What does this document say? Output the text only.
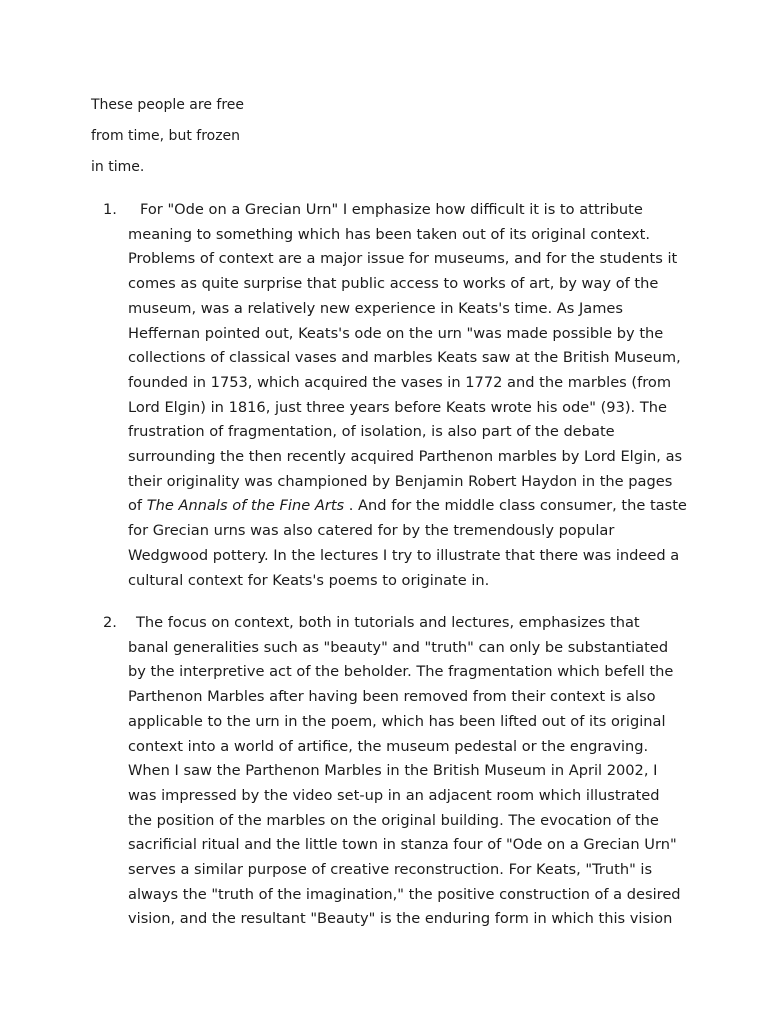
These people are free
from time, but frozen
in time.
1.	For "Ode on a Grecian Urn" I emphasize how difficult it is to attribute
meaning to something which has been taken out of its original context.
Problems of context are a major issue for museums, and for the students it
comes as quite surprise that public access to works of art, by way of the
museum, was a relatively new experience in Keats's time. As James
Heffernan pointed out, Keats's ode on the urn "was made possible by the
collections of classical vases and marbles Keats saw at the British Museum,
founded in 1753, which acquired the vases in 1772 and the marbles (from
Lord Elgin) in 1816, just three years before Keats wrote his ode" (93). The
frustration of fragmentation, of isolation, is also part of the debate
surrounding the then recently acquired Parthenon marbles by Lord Elgin, as
their originality was championed by Benjamin Robert Haydon in the pages
of The Annals of the Fine Arts . And for the middle class consumer, the taste
for Grecian urns was also catered for by the tremendously popular
Wedgwood pottery. In the lectures I try to illustrate that there was indeed a
cultural context for Keats's poems to originate in.
2.	The focus on context, both in tutorials and lectures, emphasizes that
banal generalities such as "beauty" and "truth" can only be substantiated
by the interpretive act of the beholder. The fragmentation which befell the
Parthenon Marbles after having been removed from their context is also
applicable to the urn in the poem, which has been lifted out of its original
context into a world of artifice, the museum pedestal or the engraving.
When I saw the Parthenon Marbles in the British Museum in April 2002, I
was impressed by the video set-up in an adjacent room which illustrated
the position of the marbles on the original building. The evocation of the
sacrificial ritual and the little town in stanza four of "Ode on a Grecian Urn"
serves a similar purpose of creative reconstruction. For Keats, "Truth" is
always the "truth of the imagination," the positive construction of a desired
vision, and the resultant "Beauty" is the enduring form in which this vision
